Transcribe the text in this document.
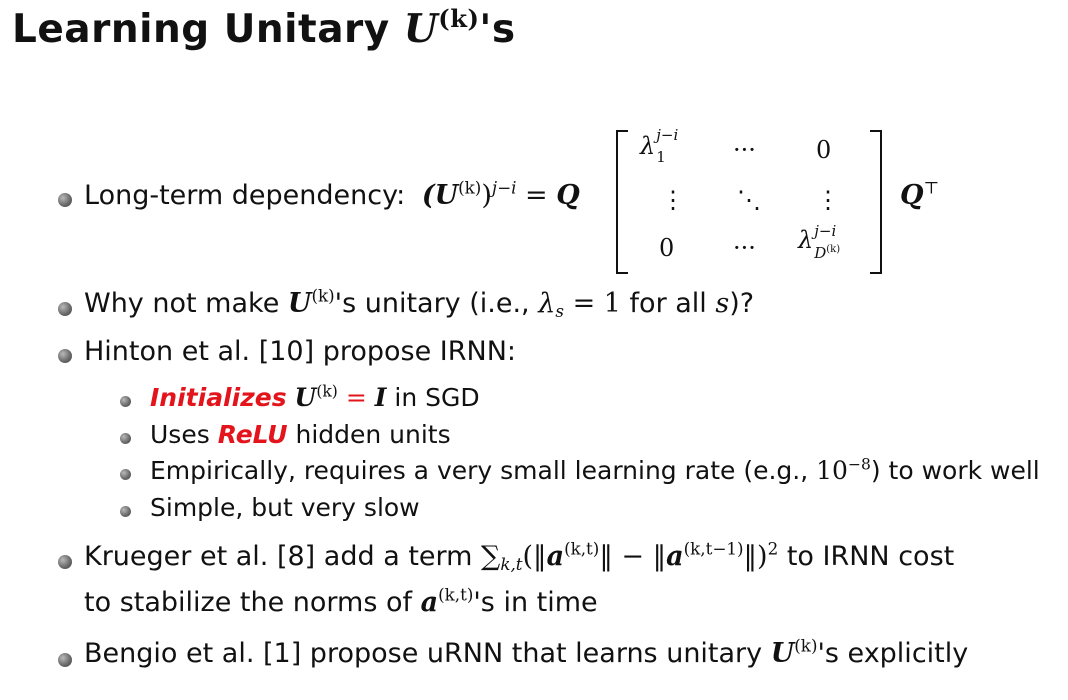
Learning Unitary $U^{(k)}'s$
Long-term dependency: $(U^{(k)})^{j-i} = Q$
λ j−i
1	···	0
⋮ ⋱ ⋮
0 ··· λ j−i
$D^{(k)}$
Q⊤
Why not make $U^{(k)}'s$ unitary (i.e., $\lambda_s = 1$ for all s)?
Hinton et al. [10] propose IRNN:
Initializes $U^{(k)} = I$ in SGD
Uses ReLU hidden units
Empirically, requires a very small learning rate (e.g., $10^{-8}$) to work well
Simple, but very slow
Krueger et al. [8] add a term $\sum_{k,t}(‖a^{(k,t)}‖$ − $‖a^{(k,t-1)}‖)^2$ to IRNN cost
to stabilize the norms of $a^{(k,t)}'s$ in time
Bengio et al. [1] propose uRNN that learns unitary $U^{(k)}'s$ explicitly
